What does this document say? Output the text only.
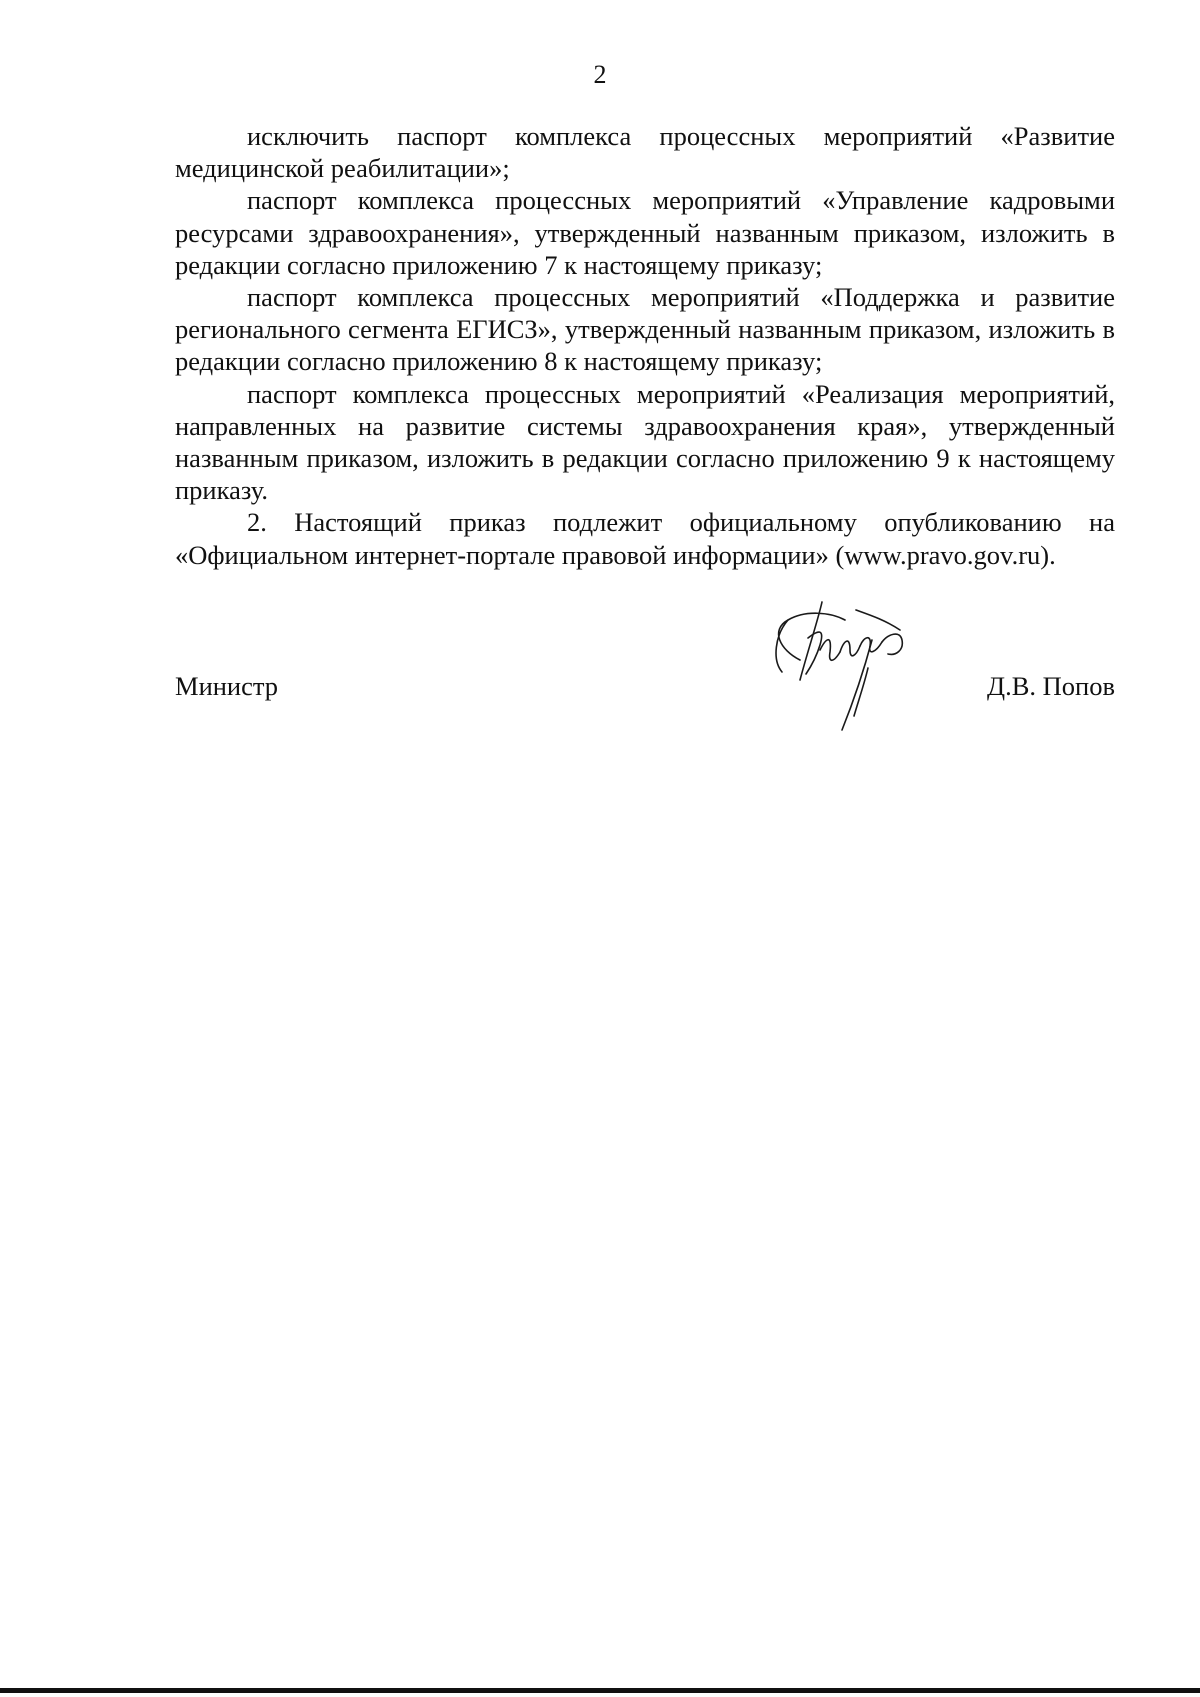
2

исключить паспорт комплекса процессных мероприятий «Развитие медицинской реабилитации»;

паспорт комплекса процессных мероприятий «Управление кадровыми ресурсами здравоохранения», утвержденный названным приказом, изложить в редакции согласно приложению 7 к настоящему приказу;

паспорт комплекса процессных мероприятий «Поддержка и развитие регионального сегмента ЕГИСЗ», утвержденный названным приказом, изложить в редакции согласно приложению 8 к настоящему приказу;

паспорт комплекса процессных мероприятий «Реализация мероприятий, направленных на развитие системы здравоохранения края», утвержденный названным приказом, изложить в редакции согласно приложению 9 к настоящему приказу.

2. Настоящий приказ подлежит официальному опубликованию на «Официальном интернет-портале правовой информации» (www.pravo.gov.ru).

Министр	Д.В. Попов
